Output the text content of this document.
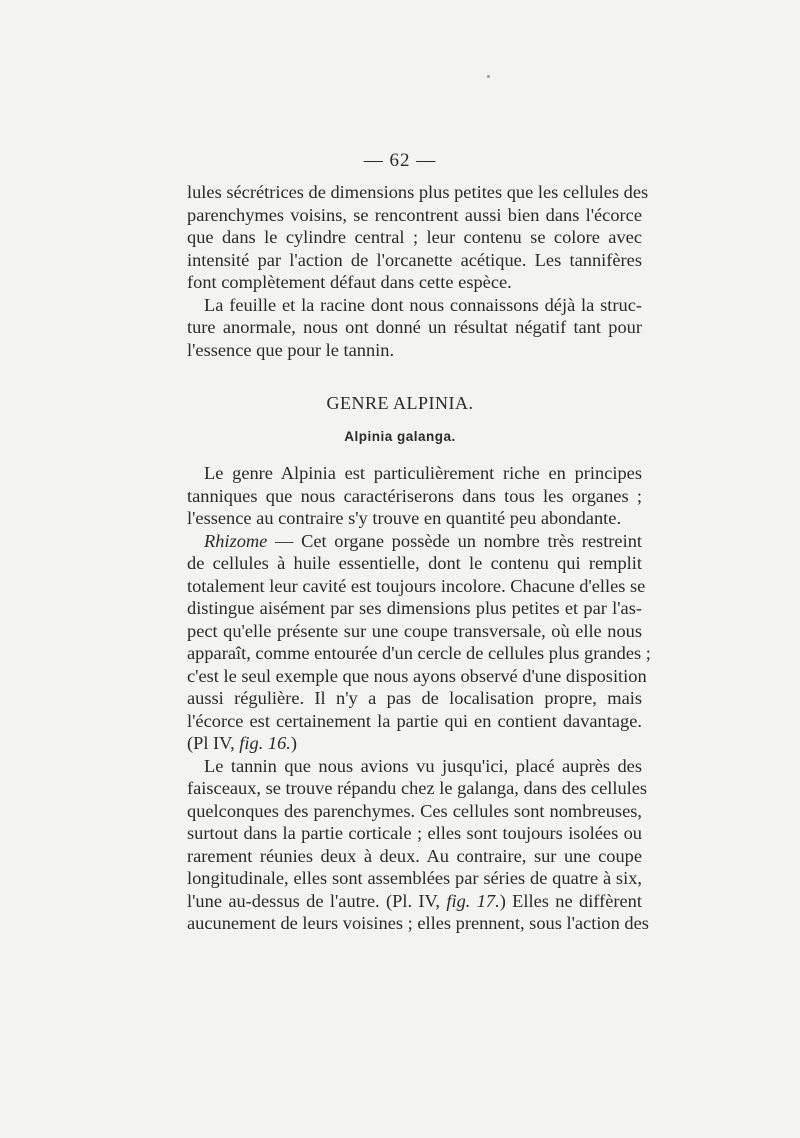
— 62 —
lules sécrétrices de dimensions plus petites que les cellules des
parenchymes voisins, se rencontrent aussi bien dans l'écorce
que dans le cylindre central ; leur contenu se colore avec
intensité par l'action de l'orcanette acétique. Les tannifères
font complètement défaut dans cette espèce.
La feuille et la racine dont nous connaissons déjà la struc-
ture anormale, nous ont donné un résultat négatif tant pour
l'essence que pour le tannin.
GENRE ALPINIA.
Alpinia galanga.
Le genre Alpinia est particulièrement riche en principes
tanniques que nous caractériserons dans tous les organes ;
l'essence au contraire s'y trouve en quantité peu abondante.
Rhizome — Cet organe possède un nombre très restreint
de cellules à huile essentielle, dont le contenu qui remplit
totalement leur cavité est toujours incolore. Chacune d'elles se
distingue aisément par ses dimensions plus petites et par l'as-
pect qu'elle présente sur une coupe transversale, où elle nous
apparaît, comme entourée d'un cercle de cellules plus grandes ;
c'est le seul exemple que nous ayons observé d'une disposition
aussi régulière. Il n'y a pas de localisation propre, mais
l'écorce est certainement la partie qui en contient davantage.
(Pl IV, fig. 16.)
Le tannin que nous avions vu jusqu'ici, placé auprès des
faisceaux, se trouve répandu chez le galanga, dans des cellules
quelconques des parenchymes. Ces cellules sont nombreuses,
surtout dans la partie corticale ; elles sont toujours isolées ou
rarement réunies deux à deux. Au contraire, sur une coupe
longitudinale, elles sont assemblées par séries de quatre à six,
l'une au-dessus de l'autre. (Pl. IV, fig. 17.) Elles ne diffèrent
aucunement de leurs voisines ; elles prennent, sous l'action des
